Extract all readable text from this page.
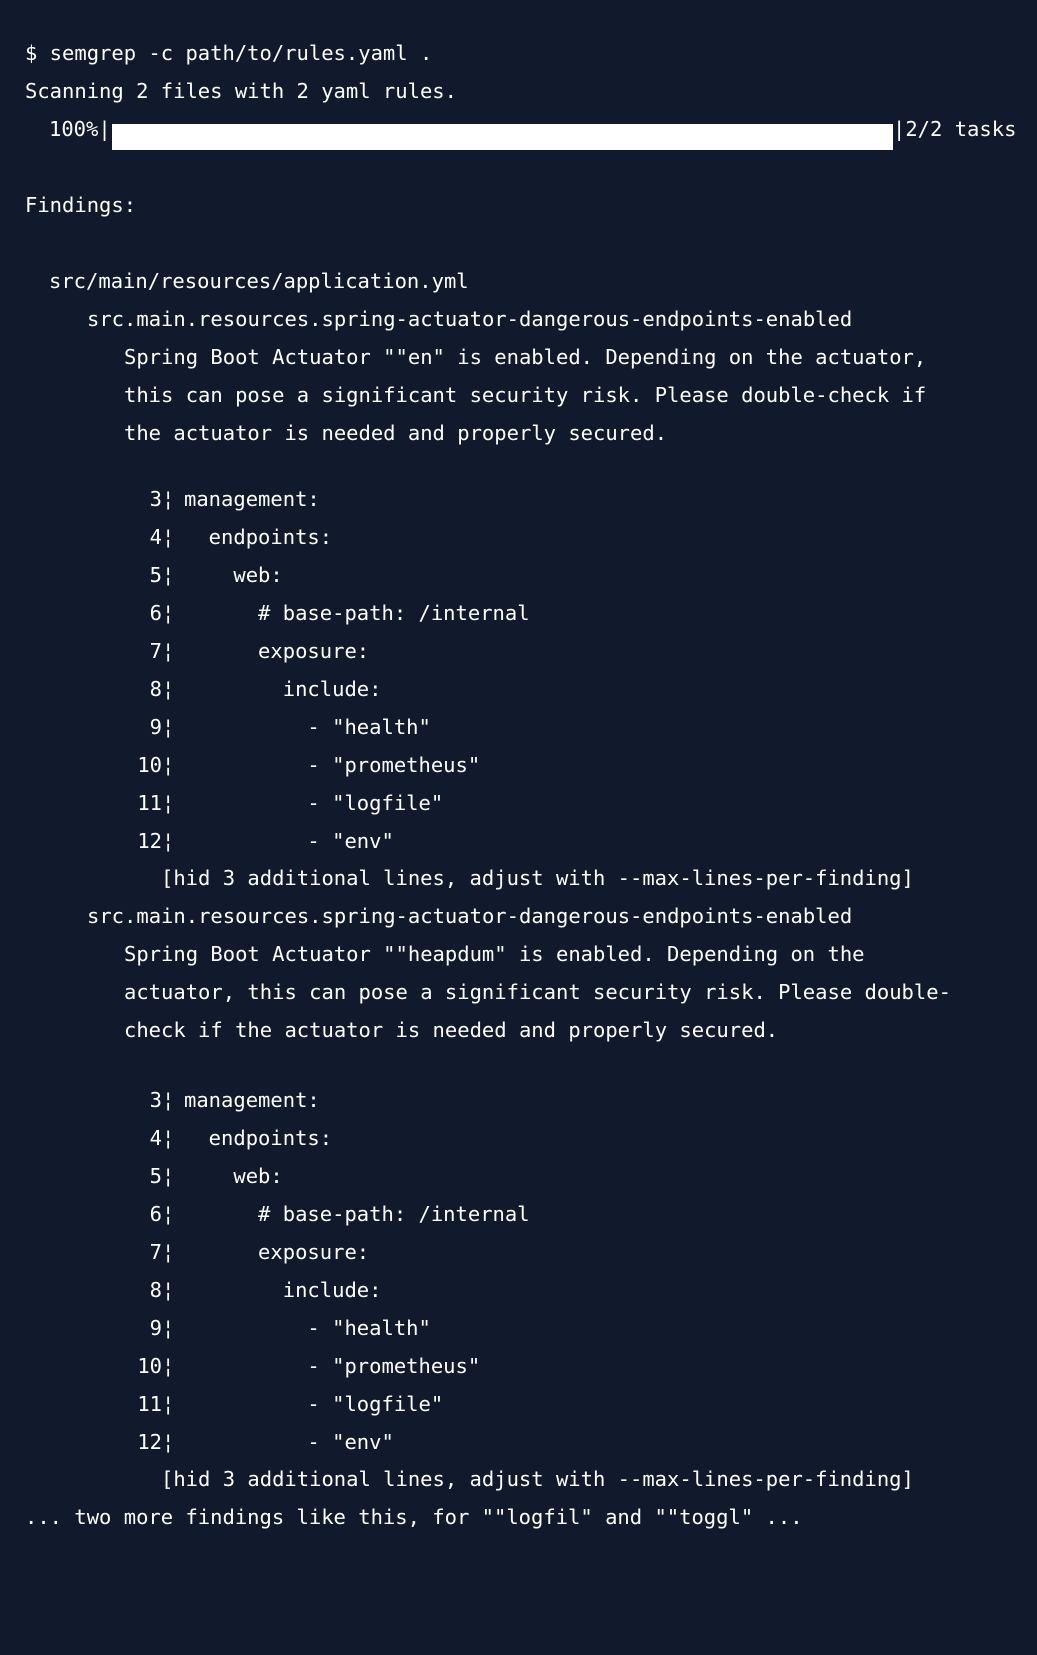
$ semgrep -c path/to/rules.yaml .
Scanning 2 files with 2 yaml rules.
100%|	|2/2 tasks
Findings:
src/main/resources/application.yml
src.main.resources.spring-actuator-dangerous-endpoints-enabled
Spring Boot Actuator ""en" is enabled. Depending on the actuator,
this can pose a significant security risk. Please double-check if
the actuator is needed and properly secured.
3¦ management:
4¦  endpoints:
5¦    web:
6¦      # base-path: /internal
7¦      exposure:
8¦        include:
9¦          - "health"
10¦          - "prometheus"
11¦          - "logfile"
12¦          - "env"
[hid 3 additional lines, adjust with --max-lines-per-finding]
src.main.resources.spring-actuator-dangerous-endpoints-enabled
Spring Boot Actuator ""heapdum" is enabled. Depending on the
actuator, this can pose a significant security risk. Please double-
check if the actuator is needed and properly secured.
3¦ management:
4¦  endpoints:
5¦    web:
6¦      # base-path: /internal
7¦      exposure:
8¦        include:
9¦          - "health"
10¦          - "prometheus"
11¦          - "logfile"
12¦          - "env"
[hid 3 additional lines, adjust with --max-lines-per-finding]
... two more findings like this, for ""logfil" and ""toggl" ...
